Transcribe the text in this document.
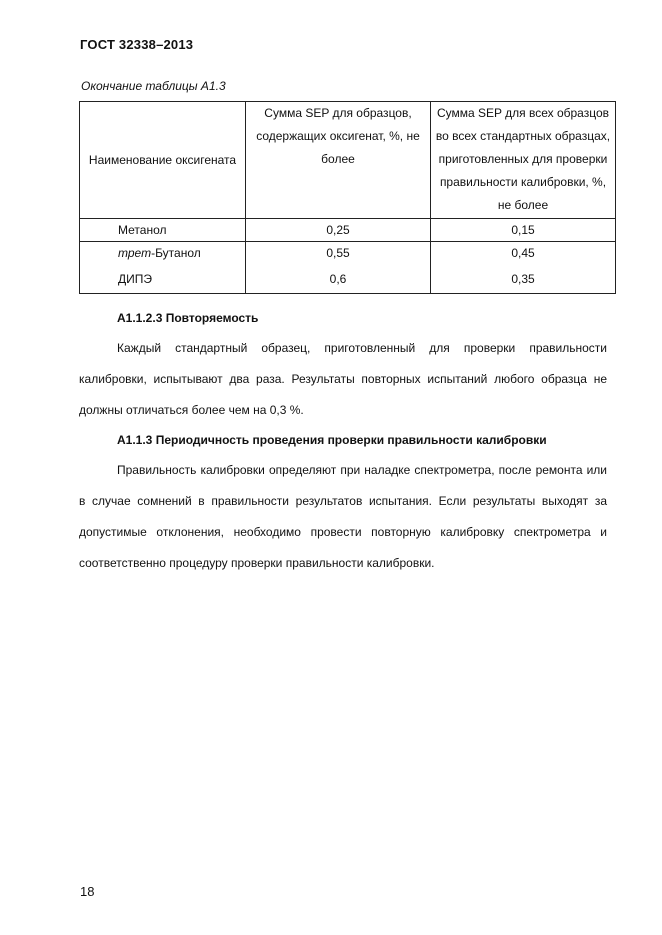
ГОСТ 32338–2013
Окончание таблицы А1.3
Наименование оксигената	Сумма SEP для образцов, содержащих оксигенат, %, не более	Сумма SEP для всех образцов во всех стандартных образцах, приготовленных для проверки правильности калибровки, %, не более
Метанол	0,25	0,15
трет-Бутанол	0,55	0,45
ДИПЭ	0,6	0,35
А1.1.2.3 Повторяемость
Каждый стандартный образец, приготовленный для проверки правильности калибровки, испытывают два раза. Результаты повторных испытаний любого образца не должны отличаться более чем на 0,3 %.
А1.1.3 Периодичность проведения проверки правильности калибровки
Правильность калибровки определяют при наладке спектрометра, после ремонта или в случае сомнений в правильности результатов испытания. Если результаты выходят за допустимые отклонения, необходимо провести повторную калибровку спектрометра и соответственно процедуру проверки правильности калибровки.
18
